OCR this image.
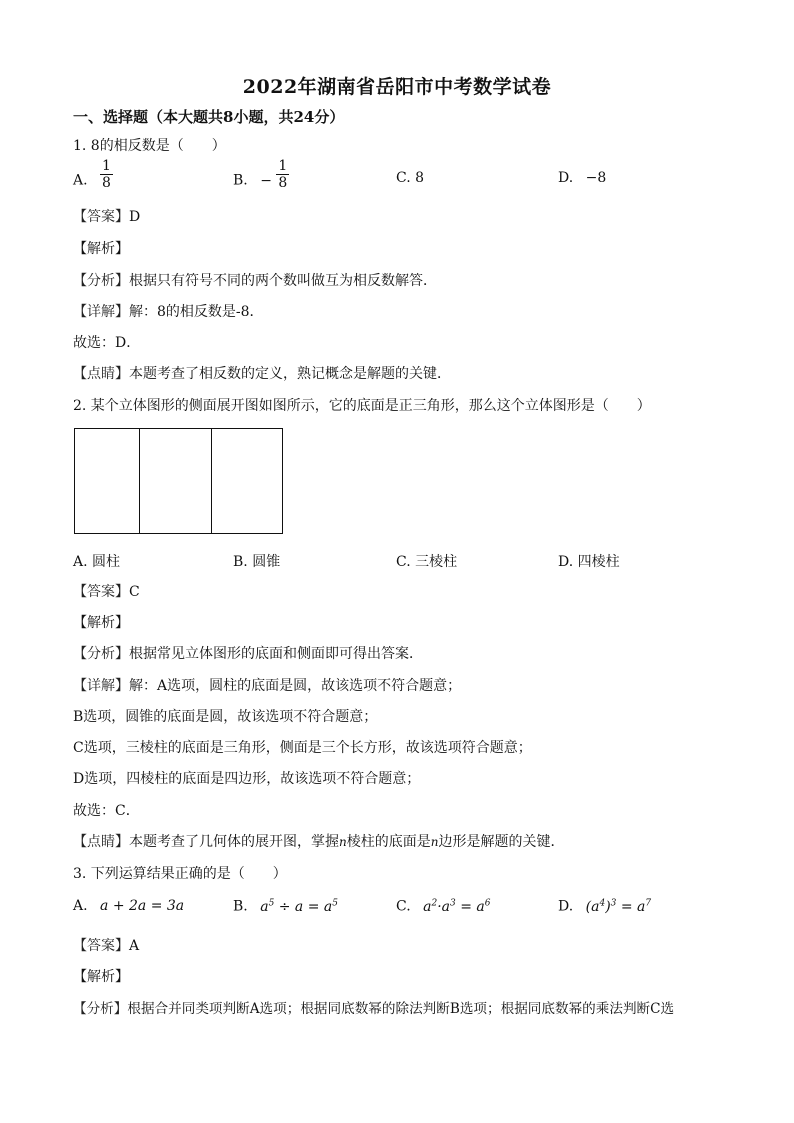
2022年湖南省岳阳市中考数学试卷
一、选择题（本大题共8小题，共24分）
1. 8的相反数是（　　）
A. $\frac{1}{8}$	B. − $\frac{1}{8}$	C. 8	D. −8
【答案】D
【解析】
【分析】根据只有符号不同的两个数叫做互为相反数解答．
【详解】解：8的相反数是-8．
故选：D．
【点睛】本题考查了相反数的定义，熟记概念是解题的关键．
2. 某个立体图形的侧面展开图如图所示，它的底面是正三角形，那么这个立体图形是（　　）
A. 圆柱	B. 圆锥	C. 三棱柱	D. 四棱柱
【答案】C
【解析】
【分析】根据常见立体图形的底面和侧面即可得出答案．
【详解】解：A选项，圆柱的底面是圆，故该选项不符合题意；
B选项，圆锥的底面是圆，故该选项不符合题意；
C选项，三棱柱的底面是三角形，侧面是三个长方形，故该选项符合题意；
D选项，四棱柱的底面是四边形，故该选项不符合题意；
故选：C．
【点睛】本题考查了几何体的展开图，掌握n棱柱的底面是n边形是解题的关键．
3. 下列运算结果正确的是（　　）
A. a + 2a = 3a	B. $a^5 \div a = a^5$	C. $a^2\cdot a^3 = a^6$	D. $(a^4)^3 = a^7$
【答案】A
【解析】
【分析】根据合并同类项判断A选项；根据同底数幂的除法判断B选项；根据同底数幂的乘法判断C选
